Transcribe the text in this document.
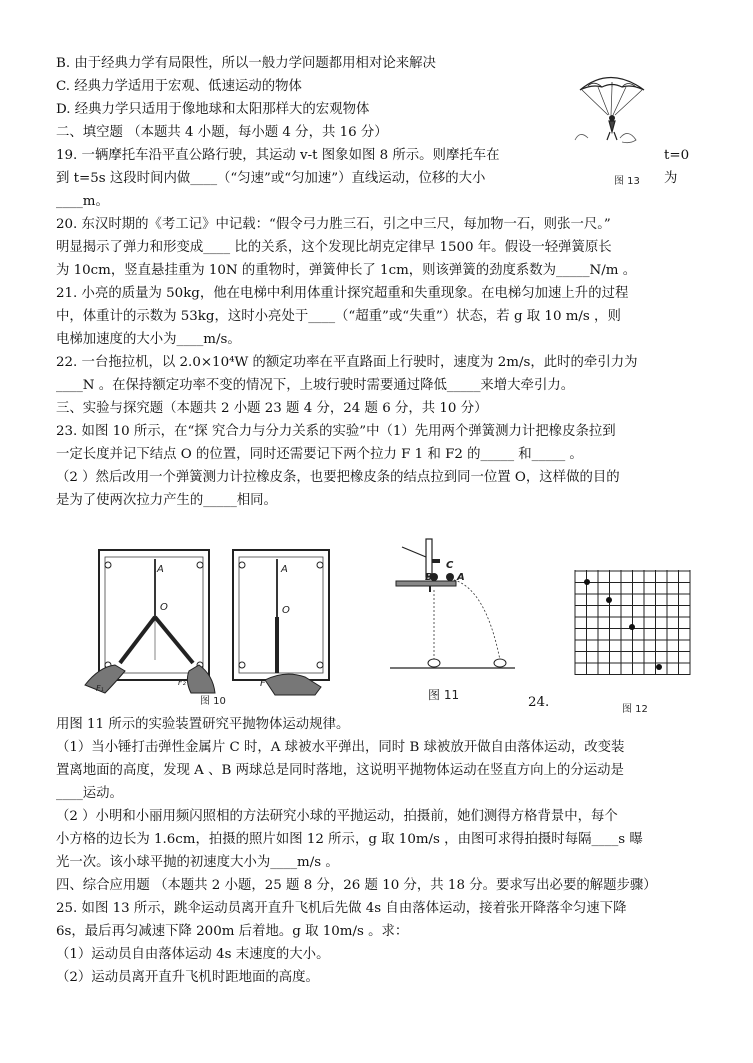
B. 由于经典力学有局限性，所以一般力学问题都用相对论来解决
C. 经典力学适用于宏观、低速运动的物体
D. 经典力学只适用于像地球和太阳那样大的宏观物体
二、填空题 （本题共 4 小题，每小题 4 分，共 16 分）
19. 一辆摩托车沿平直公路行驶，其运动 v-t 图象如图 8 所示。则摩托车在
到 t=5s 这段时间内做____（“匀速”或“匀加速”）直线运动，位移的大小
____m。
20. 东汉时期的《考工记》中记载：“假令弓力胜三石，引之中三尺，每加物一石，则张一尺。”
明显揭示了弹力和形变成____ 比的关系，这个发现比胡克定律早 1500 年。假设一轻弹簧原长
为 10cm，竖直悬挂重为 10N 的重物时，弹簧伸长了 1cm，则该弹簧的劲度系数为_____N/m 。
21. 小亮的质量为 50kg，他在电梯中利用体重计探究超重和失重现象。在电梯匀加速上升的过程
中，体重计的示数为 53kg，这时小亮处于____（“超重”或“失重”）状态，若 g 取 10 m/s ，则
电梯加速度的大小为____m/s。
22. 一台拖拉机，以 2.0×10⁴W 的额定功率在平直路面上行驶时，速度为 2m/s，此时的牵引力为
____N 。在保持额定功率不变的情况下，上坡行驶时需要通过降低_____来增大牵引力。
三、实验与探究题（本题共 2 小题 23 题 4 分，24 题 6 分，共 10 分）
23. 如图 10 所示，在“探 究合力与分力关系的实验”中（1）先用两个弹簧测力计把橡皮条拉到
一定长度并记下结点 O 的位置，同时还需要记下两个拉力 F 1 和 F2 的_____ 和_____ 。
（2 ）然后改用一个弹簧测力计拉橡皮条，也要把橡皮条的结点拉到同一位置 O，这样做的目的
是为了使两次拉力产生的_____相同。
用图 11 所示的实验装置研究平抛物体运动规律。
（1）当小锤打击弹性金属片 C 时，A 球被水平弹出，同时 B 球被放开做自由落体运动，改变装
置离地面的高度，发现 A 、B 两球总是同时落地，这说明平抛物体运动在竖直方向上的分运动是
____运动。
（2 ）小明和小丽用频闪照相的方法研究小球的平抛运动，拍摄前，她们测得方格背景中，每个
小方格的边长为 1.6cm，拍摄的照片如图 12 所示，g 取 10m/s ，由图可求得拍摄时每隔____s 曝
光一次。该小球平抛的初速度大小为____m/s 。
四、综合应用题 （本题共 2 小题，25 题 8 分，26 题 10 分，共 18 分。要求写出必要的解题步骤）
25. 如图 13 所示，跳伞运动员离开直升飞机后先做 4s 自由落体运动，接着张开降落伞匀速下降
6s，最后再匀减速下降 200m 后着地。g 取 10m/s 。求：
（1）运动员自由落体运动 4s 末速度的大小。
（2）运动员离开直升飞机时距地面的高度。
t=0
为
图 13
A
O
F₁
F₂
A
O
F
图 10
C
B A
图 11	24.	图 12
